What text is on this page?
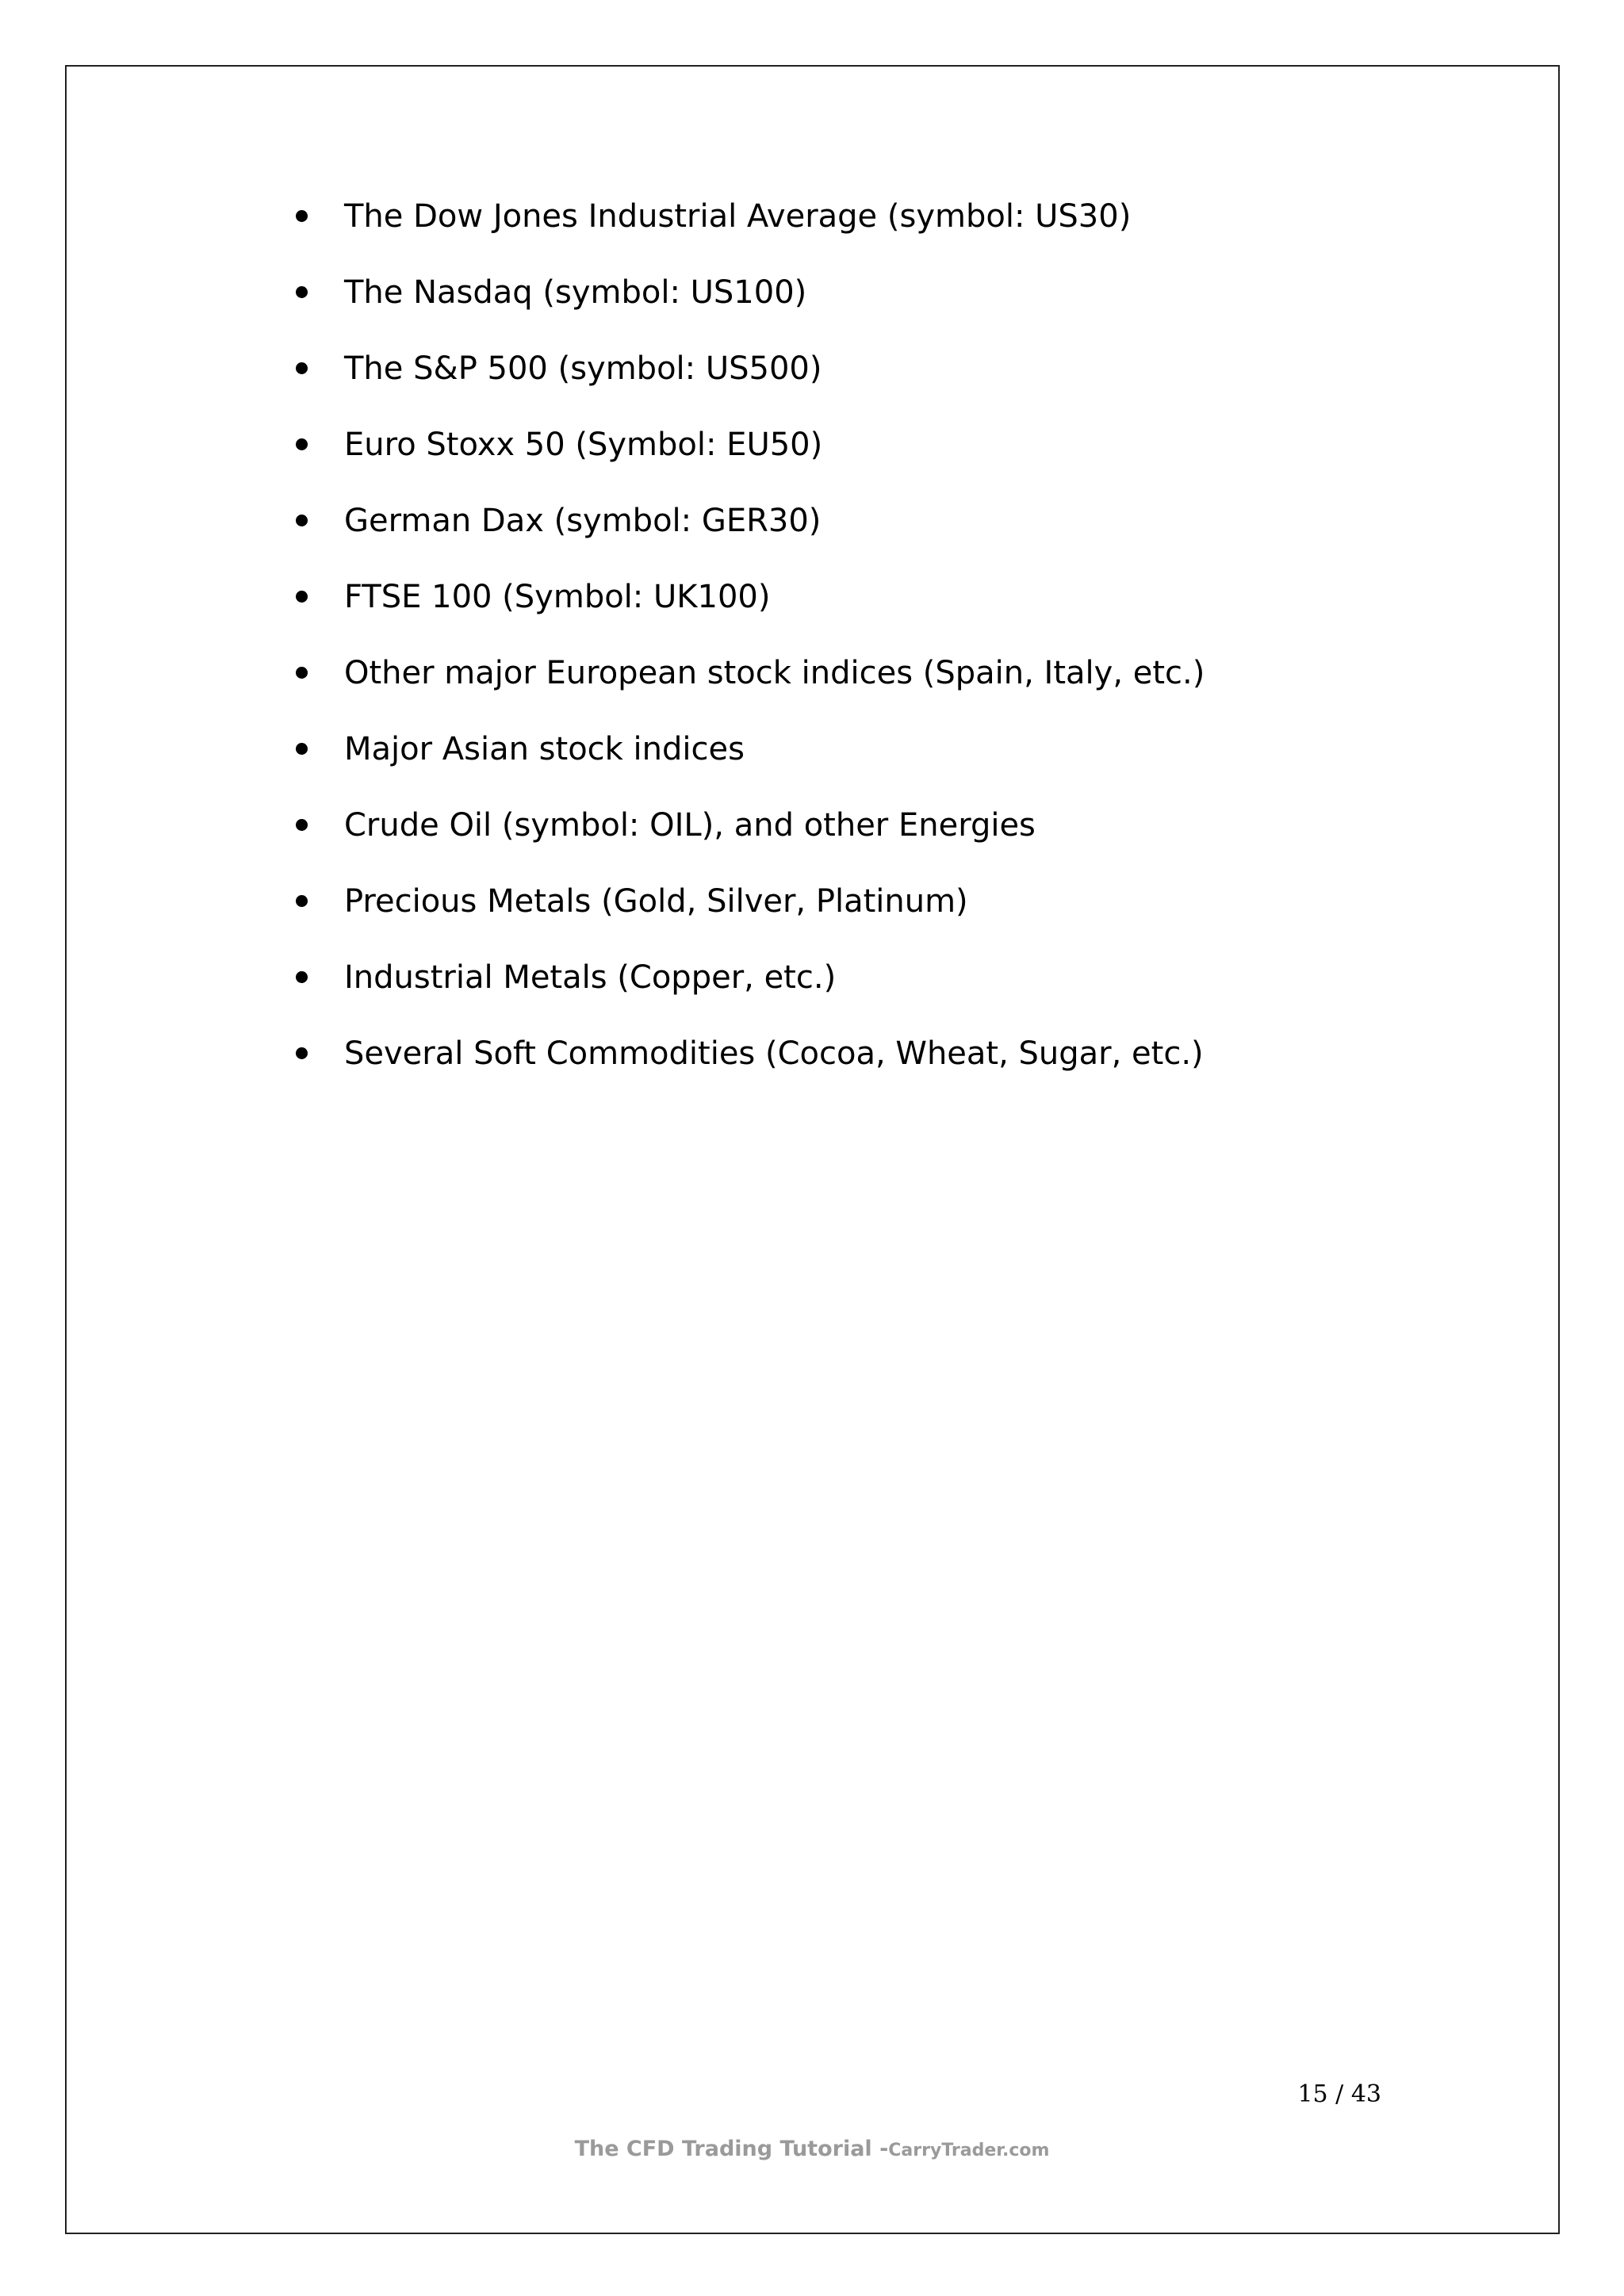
The Dow Jones Industrial Average (symbol: US30)
The Nasdaq (symbol: US100)
The S&P 500 (symbol: US500)
Euro Stoxx 50 (Symbol: EU50)
German Dax (symbol: GER30)
FTSE 100 (Symbol: UK100)
Other major European stock indices (Spain, Italy, etc.)
Major Asian stock indices
Crude Oil (symbol: OIL), and other Energies
Precious Metals (Gold, Silver, Platinum)
Industrial Metals (Copper, etc.)
Several Soft Commodities (Cocoa, Wheat, Sugar, etc.)
15 / 43
The CFD Trading Tutorial -CarryTrader.com
